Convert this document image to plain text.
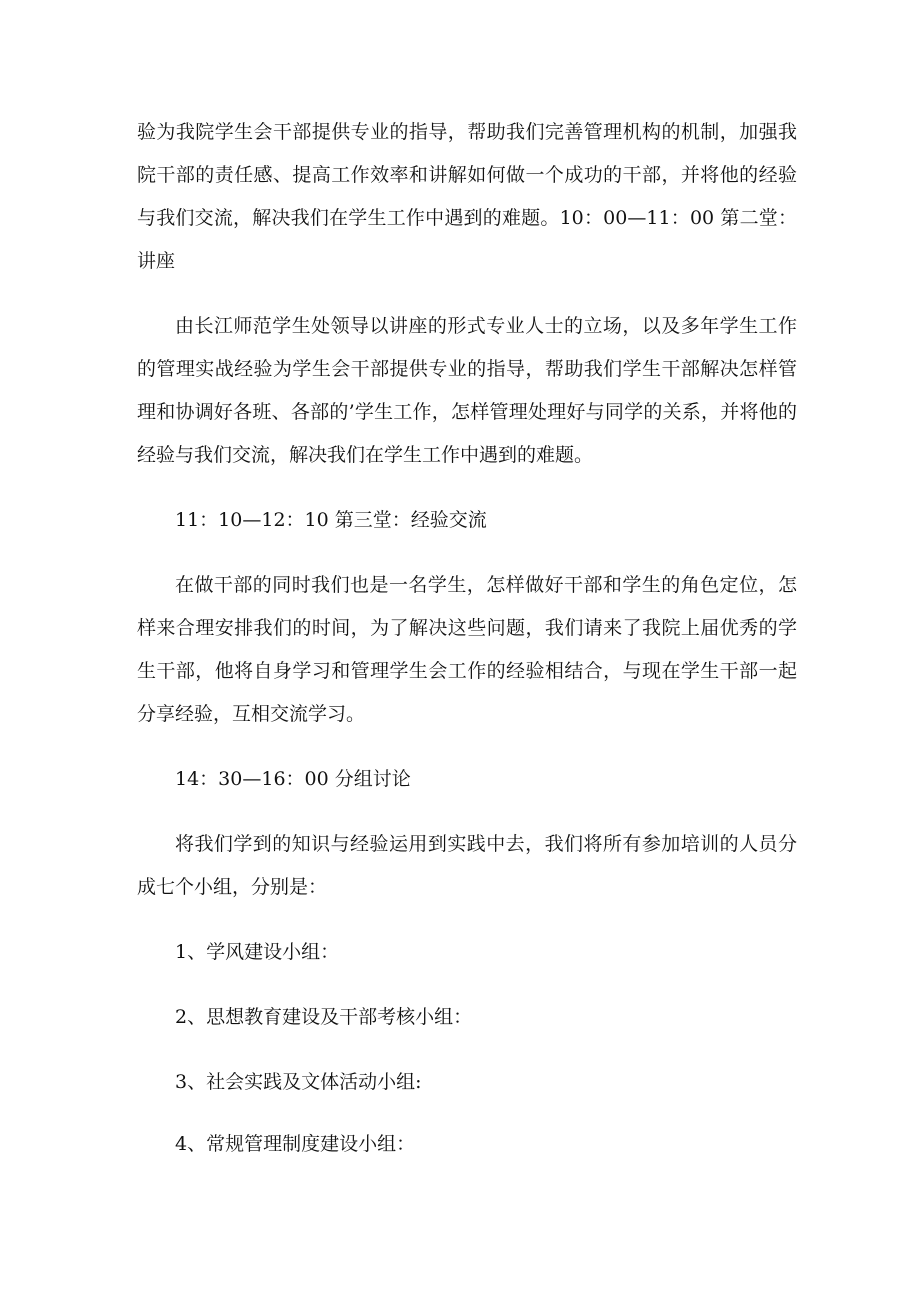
验为我院学生会干部提供专业的指导，帮助我们完善管理机构的机制，加强我院干部的责任感、提高工作效率和讲解如何做一个成功的干部，并将他的经验与我们交流，解决我们在学生工作中遇到的难题。10：00—11：00 第二堂：讲座

由长江师范学生处领导以讲座的形式专业人士的立场，以及多年学生工作的管理实战经验为学生会干部提供专业的指导，帮助我们学生干部解决怎样管理和协调好各班、各部的’学生工作，怎样管理处理好与同学的关系，并将他的经验与我们交流，解决我们在学生工作中遇到的难题。

11：10—12：10 第三堂：经验交流

在做干部的同时我们也是一名学生，怎样做好干部和学生的角色定位，怎样来合理安排我们的时间，为了解决这些问题，我们请来了我院上届优秀的学生干部，他将自身学习和管理学生会工作的经验相结合，与现在学生干部一起分享经验，互相交流学习。

14：30—16：00 分组讨论

将我们学到的知识与经验运用到实践中去，我们将所有参加培训的人员分成七个小组，分别是：

1、学风建设小组：

2、思想教育建设及干部考核小组：

3、社会实践及文体活动小组:

4、常规管理制度建设小组：
